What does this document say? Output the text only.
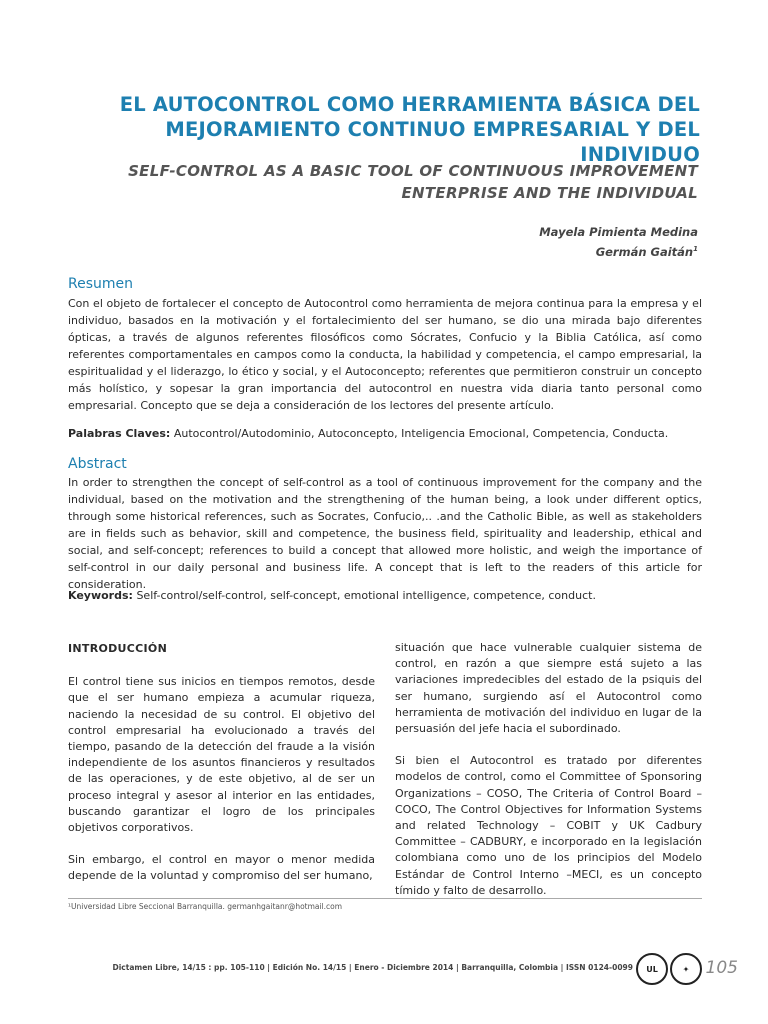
EL AUTOCONTROL COMO HERRAMIENTA BÁSICA DEL
MEJORAMIENTO CONTINUO EMPRESARIAL Y DEL INDIVIDUO
SELF-CONTROL AS A BASIC TOOL OF CONTINUOUS IMPROVEMENT
ENTERPRISE AND THE INDIVIDUAL
Mayela Pimienta Medina
Germán Gaitán$^1$
Resumen
Con el objeto de fortalecer el concepto de Autocontrol como herramienta de mejora continua para la empresa y el individuo, basados en la motivación y el fortalecimiento del ser humano, se dio una mirada bajo diferentes ópticas, a través de algunos referentes filosóficos como Sócrates, Confucio y la Biblia Católica, así como referentes comportamentales en campos como la conducta, la habilidad y competencia, el campo empresarial, la espiritualidad y el liderazgo, lo ético y social, y el Autoconcepto; referentes que permitieron construir un concepto más holístico, y sopesar la gran importancia del autocontrol en nuestra vida diaria tanto personal como empresarial. Concepto que se deja a consideración de los lectores del presente artículo.
Palabras Claves: Autocontrol/Autodominio, Autoconcepto, Inteligencia Emocional, Competencia, Conducta.
Abstract
In order to strengthen the concept of self-control as a tool of continuous improvement for the company and the individual, based on the motivation and the strengthening of the human being, a look under different optics, through some historical references, such as Socrates, Confucio,.. .and the Catholic Bible, as well as stakeholders are in fields such as behavior, skill and competence, the business field, spirituality and leadership, ethical and social, and self-concept; references to build a concept that allowed more holistic, and weigh the importance of self-control in our daily personal and business life. A concept that is left to the readers of this article for consideration.
Keywords: Self-control/self-control, self-concept, emotional intelligence, competence, conduct.
INTRODUCCIÓN

El control tiene sus inicios en tiempos remotos, desde que el ser humano empieza a acumular riqueza, naciendo la necesidad de su control. El objetivo del control empresarial ha evolucionado a través del tiempo, pasando de la detección del fraude a la visión independiente de los asuntos financieros y resultados de las operaciones, y de este objetivo, al de ser un proceso integral y asesor al interior en las entidades, buscando garantizar el logro de los principales objetivos corporativos.

Sin embargo, el control en mayor o menor medida depende de la voluntad y compromiso del ser humano,

situación que hace vulnerable cualquier sistema de control, en razón a que siempre está sujeto a las variaciones impredecibles del estado de la psiquis del ser humano, surgiendo así el Autocontrol como herramienta de motivación del individuo en lugar de la persuasión del jefe hacia el subordinado.

Si bien el Autocontrol es tratado por diferentes modelos de control, como el Committee of Sponsoring Organizations – COSO, The Criteria of Control Board – COCO, The Control Objectives for Information Systems and related Technology – COBIT y UK Cadbury Committee – CADBURY, e incorporado en la legislación colombiana como uno de los principios del Modelo Estándar de Control Interno –MECI, es un concepto tímido y falto de desarrollo.

¹Universidad Libre Seccional Barranquilla. germanhgaitanr@hotmail.com
Dictamen Libre, 14/15 : pp. 105-110 | Edición No. 14/15 | Enero - Diciembre 2014 | Barranquilla, Colombia | ISSN 0124-0099 UL	✦ 105
